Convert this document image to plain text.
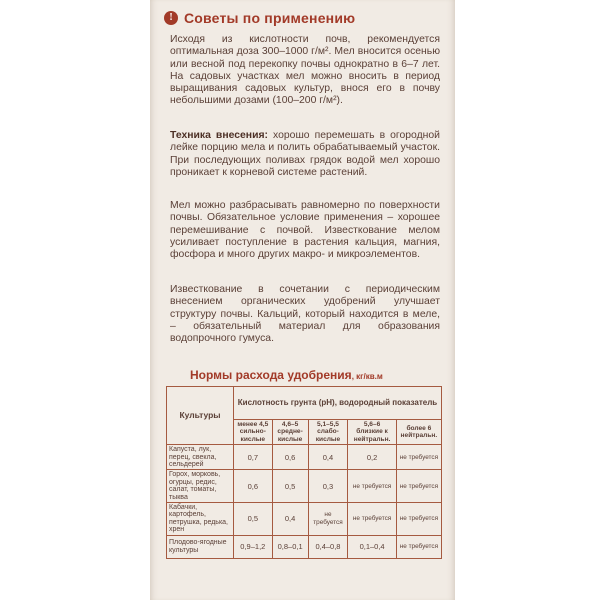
! Советы по применению
Исходя из кислотности почв, рекомендуется оптимальная доза 300–1000 г/м². Мел вносится осенью или весной под перекопку почвы однократно в 6–7 лет. На садовых участках мел можно вносить в период выращивания садовых культур, внося его в почву небольшими дозами (100–200 г/м²).
Техника внесения: хорошо перемешать в огородной лейке порцию мела и полить обрабатываемый участок. При последующих поливах грядок водой мел хорошо проникает к корневой системе растений.
Мел можно разбрасывать равномерно по поверхности почвы. Обязательное условие применения – хорошее перемешивание с почвой. Известкование мелом усиливает поступление в растения кальция, магния, фосфора и много других макро- и микроэлементов.
Известкование в сочетании с периодическим внесением органических удобрений улучшает структуру почвы. Кальций, который находится в меле, – обязательный материал для образования водопрочного гумуса.
Нормы расхода удобрения, кг/кв.м
Культуры	Кислотность грунта (pH), водородный показатель				
	менее 4,5 сильно-кислые	4,6–5 средне-кислые	5,1–5,5 слабо-кислые	5,6–6 близкие к нейтральн.	более 6 нейтральн.
Капуста, лук, перец, свекла, сельдерей	0,7	0,6	0,4	0,2	не требуется
Горох, морковь, огурцы, редис, салат, томаты, тыква	0,6	0,5	0,3	не требуется	не требуется
Кабачки, картофель, петрушка, редька, хрен	0,5	0,4	не требуется	не требуется	не требуется
Плодово-ягодные культуры	0,9–1,2	0,8–0,1	0,4–0,8	0,1–0,4	не требуется
